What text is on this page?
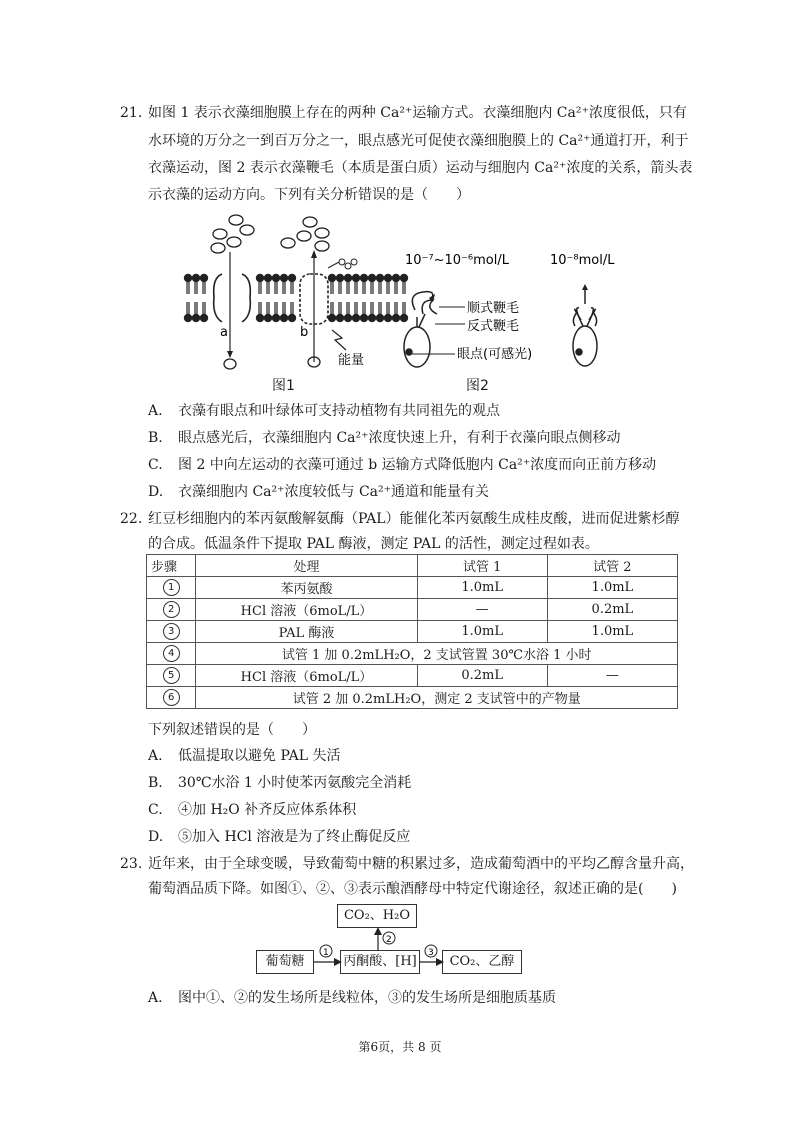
21. 如图 1 表示衣藻细胞膜上存在的两种 Ca²⁺运输方式。衣藻细胞内 Ca²⁺浓度很低，只有
水环境的万分之一到百万分之一，眼点感光可促使衣藻细胞膜上的 Ca²⁺通道打开，利于
衣藻运动，图 2 表示衣藻鞭毛（本质是蛋白质）运动与细胞内 Ca²⁺浓度的关系，箭头表
示衣藻的运动方向。下列有关分析错误的是（　　）
a	b
能量
图1
10⁻⁷~10⁻⁶mol/L	10⁻⁸mol/L
顺式鞭毛
反式鞭毛
眼点(可感光)
图2
A. 衣藻有眼点和叶绿体可支持动植物有共同祖先的观点
B. 眼点感光后，衣藻细胞内 Ca²⁺浓度快速上升，有利于衣藻向眼点侧移动
C. 图 2 中向左运动的衣藻可通过 b 运输方式降低胞内 Ca²⁺浓度而向正前方移动
D. 衣藻细胞内 Ca²⁺浓度较低与 Ca²⁺通道和能量有关
22. 红豆杉细胞内的苯丙氨酸解氨酶（PAL）能催化苯丙氨酸生成桂皮酸，进而促进紫杉醇
的合成。低温条件下提取 PAL 酶液，测定 PAL 的活性，测定过程如表。
步骤	处理	试管 1	试管 2
1	苯丙氨酸	1.0mL	1.0mL
2	HCl 溶液（6moL/L）	—	0.2mL
3	PAL 酶液	1.0mL	1.0mL
4	试管 1 加 0.2mLH₂O，2 支试管置 30℃水浴 1 小时		
5	HCl 溶液（6moL/L）	0.2mL	—
6	试管 2 加 0.2mLH₂O，测定 2 支试管中的产物量		
下列叙述错误的是（　　）
A. 低温提取以避免 PAL 失活
B. 30℃水浴 1 小时使苯丙氨酸完全消耗
C. ④加 H₂O 补齐反应体系体积
D. ⑤加入 HCl 溶液是为了终止酶促反应
23. 近年来，由于全球变暖，导致葡萄中糖的积累过多，造成葡萄酒中的平均乙醇含量升高，
葡萄酒品质下降。如图①、②、③表示酿酒酵母中特定代谢途径，叙述正确的是(　　)
CO₂、H₂O
葡萄糖	丙酮酸、[H]	CO₂、乙醇
1
2
3
A. 图中①、②的发生场所是线粒体，③的发生场所是细胞质基质
第6页，共 8 页
